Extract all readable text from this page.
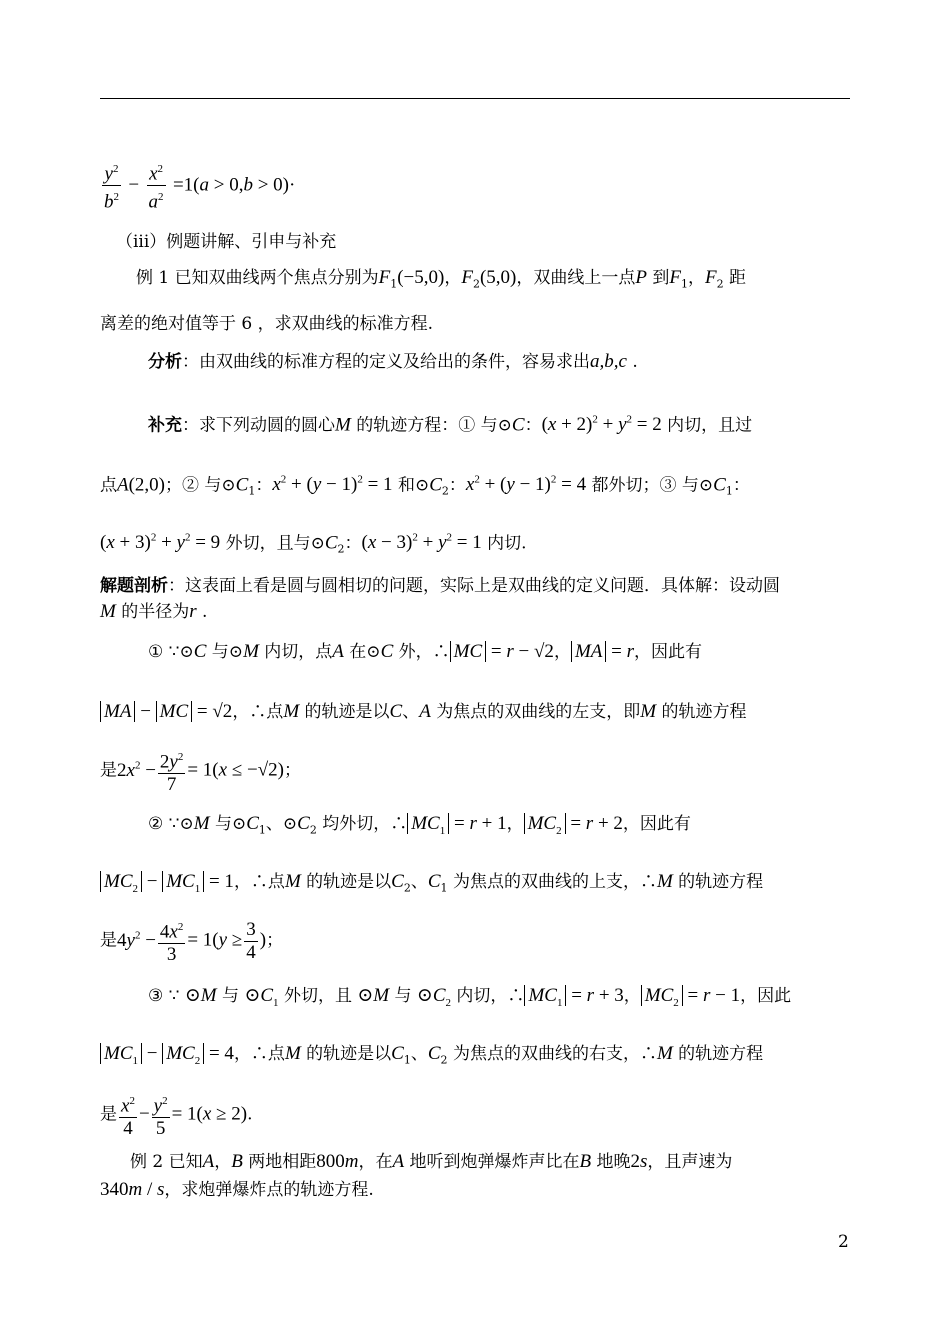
$\frac{y^2}{b^2} - \frac{x^2}{a^2} =1(a > 0,b > 0)\cdot$
（iii）例题讲解、引申与补充
例 1 已知双曲线两个焦点分别为$F_1(-5,0)$，$F_2(5,0)$，双曲线上一点P 到$F_1$，$F_2$ 距
离差的绝对值等于 6 ，求双曲线的标准方程.
分析：由双曲线的标准方程的定义及给出的条件，容易求出a,b,c .
补充：求下列动圆的圆心M 的轨迹方程：① 与⊙C：$(x + 2)^2 + y^2 = 2$ 内切，且过
点A(2,0)；② 与$⊙C_1$：$x^2 + (y - 1)^2 = 1$ 和$⊙C_2$：$x^2 + (y - 1)^2 = 4$ 都外切；③ 与$⊙C_1$：
$(x + 3)^2 + y^2 = 9$ 外切，且与$⊙C_2$：$(x - 3)^2 + y^2 = 1$ 内切.
解题剖析：这表面上看是圆与圆相切的问题，实际上是双曲线的定义问题．具体解：设动圆
M 的半径为r .
① ∵⊙C 与⊙M 内切，点A 在⊙C 外，∴ MC = r − √2， MA = r，因此有
MA − MC = √2，∴点M 的轨迹是以C、A 为焦点的双曲线的左支，即M 的轨迹方程
是$2x^2 - \frac{2y^2}{7} = 1(x \le -√2)$；
② ∵⊙M 与$⊙C_1$、$⊙C_2$ 均外切，∴ $MC_1 = r + 1$， $MC_2 = r + 2$，因此有
$MC_2 - MC_1 = 1$，∴点M 的轨迹是以$C_2$、$C_1$ 为焦点的双曲线的上支，∴M 的轨迹方程
是$4y^2 - \frac{4x^2}{3} = 1(y \ge \frac{3}{4}$ )；
③ ∵ ⊙M 与 $⊙C_1$ 外切，且 ⊙M 与 $⊙C_2$ 内切，∴ $MC_1 = r + 3$， $MC_2 = r - 1$，因此
$MC_1 - MC_2 = 4$，∴点M 的轨迹是以$C_1$、$C_2$ 为焦点的双曲线的右支，∴M 的轨迹方程
是 $\frac{x^2}{4} - \frac{y^2}{5} = 1(x \ge 2)$.
例 2 已知A，B 两地相距800m，在A 地听到炮弹爆炸声比在B 地晚2s，且声速为
340m / s，求炮弹爆炸点的轨迹方程.
2
